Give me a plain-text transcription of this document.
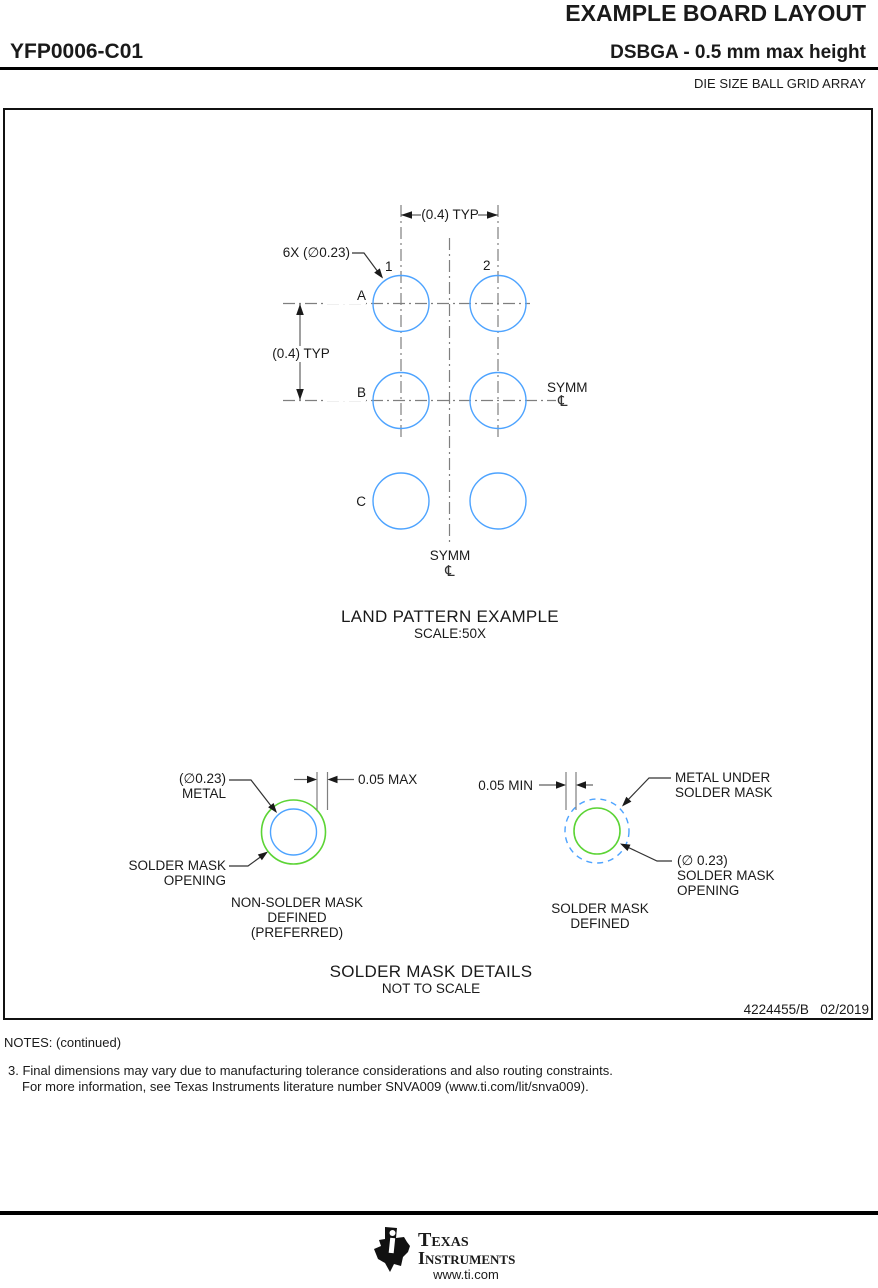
EXAMPLE BOARD LAYOUT
YFP0006-C01	DSBGA - 0.5 mm max height
DIE SIZE BALL GRID ARRAY
(0.4) TYP
1	2
A
B
C
6X (∅0.23)
(0.4) TYP
SYMM
℄
SYMM
℄
LAND PATTERN EXAMPLE
SCALE:50X
(∅0.23)
METAL
0.05 MAX
SOLDER MASK
OPENING
NON-SOLDER MASK
DEFINED
(PREFERRED)
0.05 MIN
METAL UNDER
SOLDER MASK
(∅ 0.23)
SOLDER MASK
OPENING
SOLDER MASK
DEFINED
SOLDER MASK DETAILS
NOT TO SCALE
4224455/B   02/2019
NOTES: (continued)
3. Final dimensions may vary due to manufacturing tolerance considerations and also routing constraints.
For more information, see Texas Instruments literature number SNVA009 (www.ti.com/lit/snva009).
Texas
Instruments
www.ti.com
